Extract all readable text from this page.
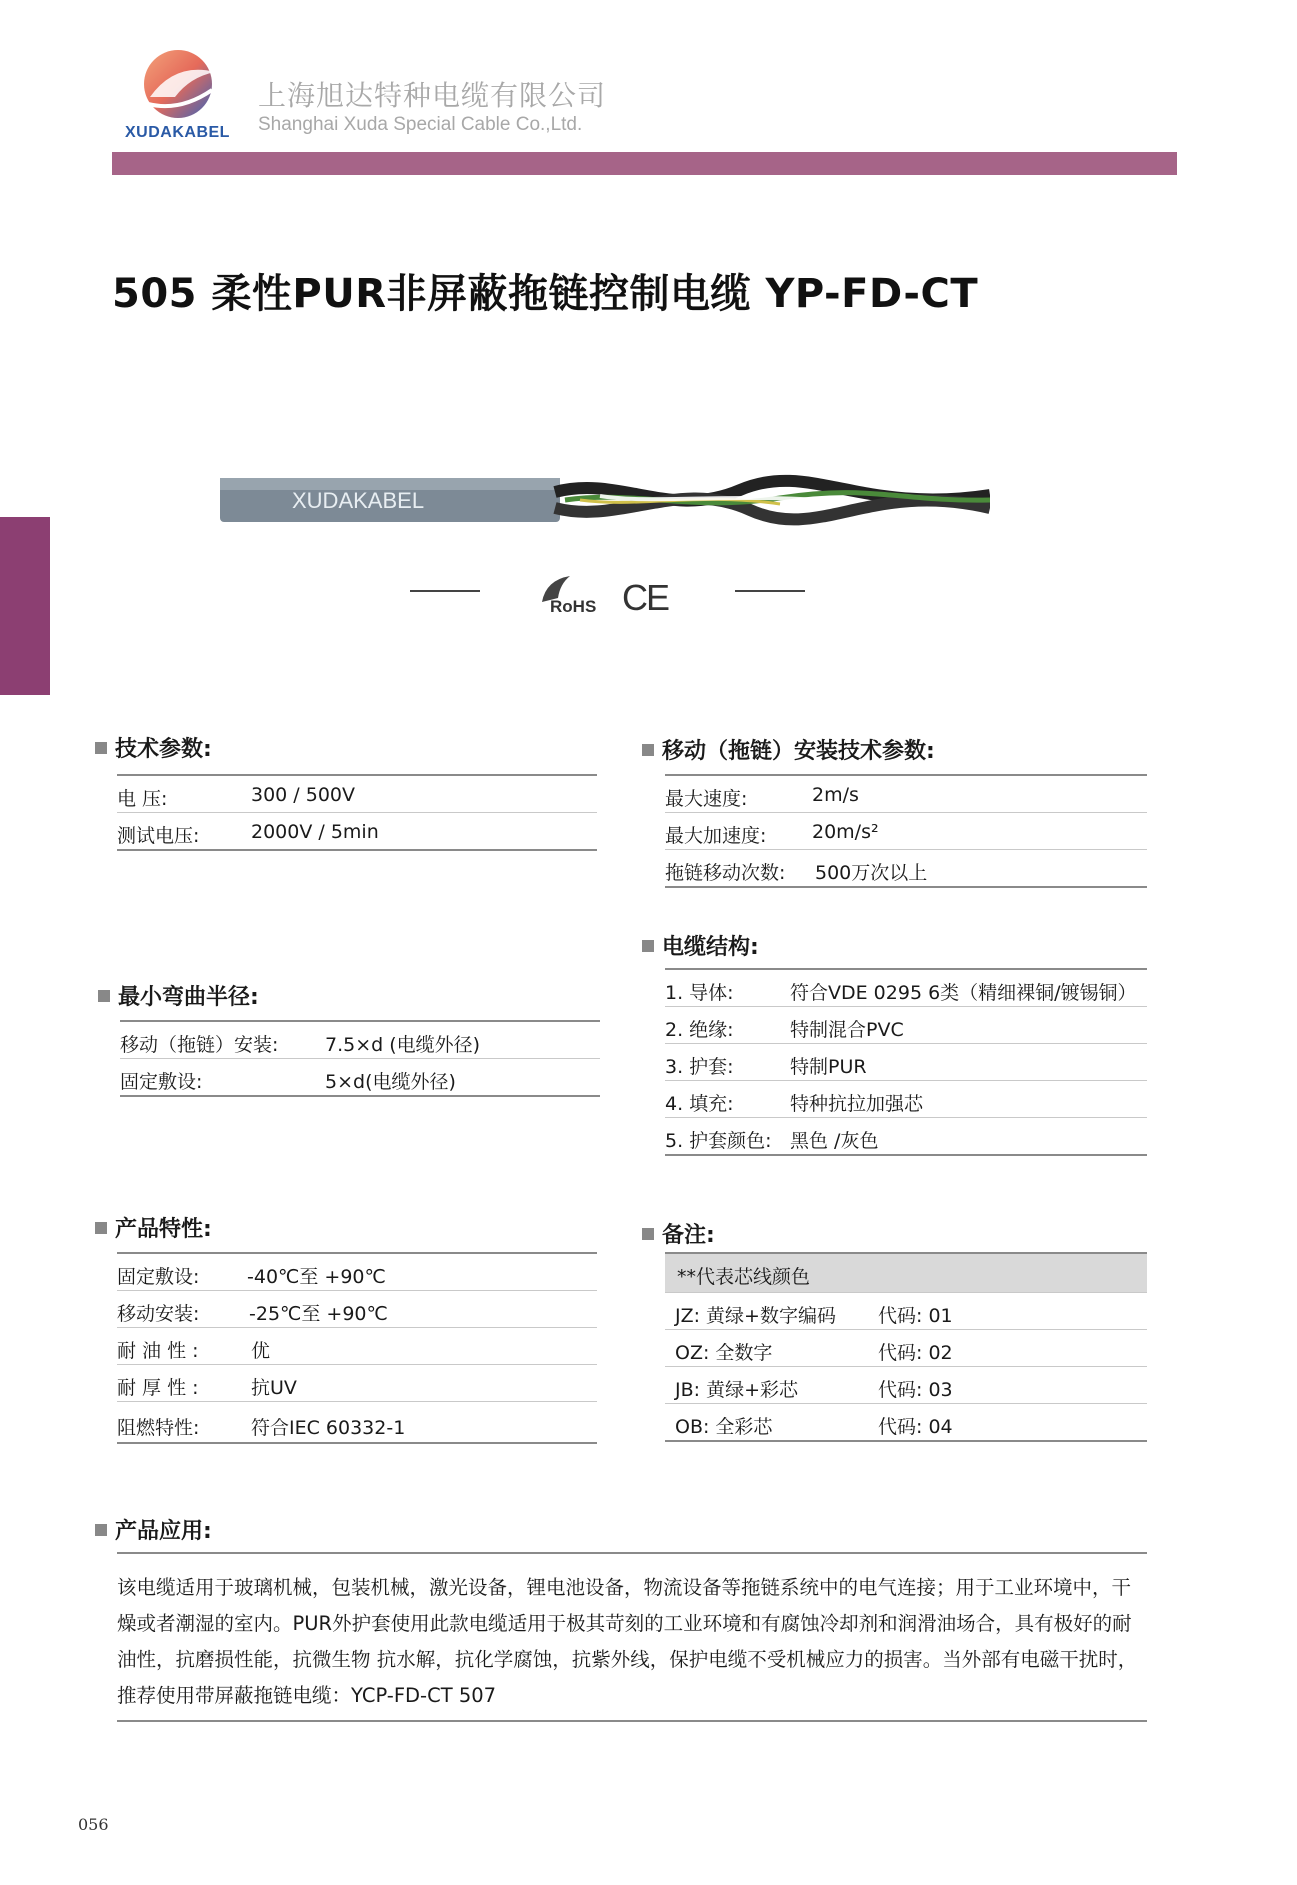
XUDAKABEL
上海旭达特种电缆有限公司
Shanghai Xuda Special Cable Co.,Ltd.
505 柔性PUR非屏蔽拖链控制电缆 YP-FD-CT
XUDAKABEL
RoHS CE
技术参数:
电 压:	300 / 500V
测试电压:	2000V / 5min
移动（拖链）安装技术参数:
最大速度:	2m/s
最大加速度: 20m/s²
拖链移动次数: 500万次以上
电缆结构:
1. 导体:	符合VDE 0295 6类（精细裸铜/镀锡铜）
2. 绝缘:	特制混合PVC
3. 护套:	特制PUR
4. 填充:	特种抗拉加强芯
5. 护套颜色: 黑色 /灰色
最小弯曲半径:
移动（拖链）安装: 7.5×d (电缆外径)
固定敷设:	5×d(电缆外径)
产品特性:
固定敷设:	-40℃至 +90℃
移动安装:	-25℃至 +90℃
耐 油 性 :	优
耐 厚 性 :	抗UV
阻燃特性:	符合IEC 60332-1
备注:
**代表芯线颜色
JZ: 黄绿+数字编码 代码: 01
OZ: 全数字	代码: 02
JB: 黄绿+彩芯	代码: 03
OB: 全彩芯	代码: 04
产品应用:
该电缆适用于玻璃机械，包装机械，激光设备，锂电池设备，物流设备等拖链系统中的电气连接；用于工业环境中，干燥或者潮湿的室内。PUR外护套使用此款电缆适用于极其苛刻的工业环境和有腐蚀冷却剂和润滑油场合，具有极好的耐油性，抗磨损性能，抗微生物 抗水解，抗化学腐蚀，抗紫外线，保护电缆不受机械应力的损害。当外部有电磁干扰时，推荐使用带屏蔽拖链电缆：YCP-FD-CT 507
056
